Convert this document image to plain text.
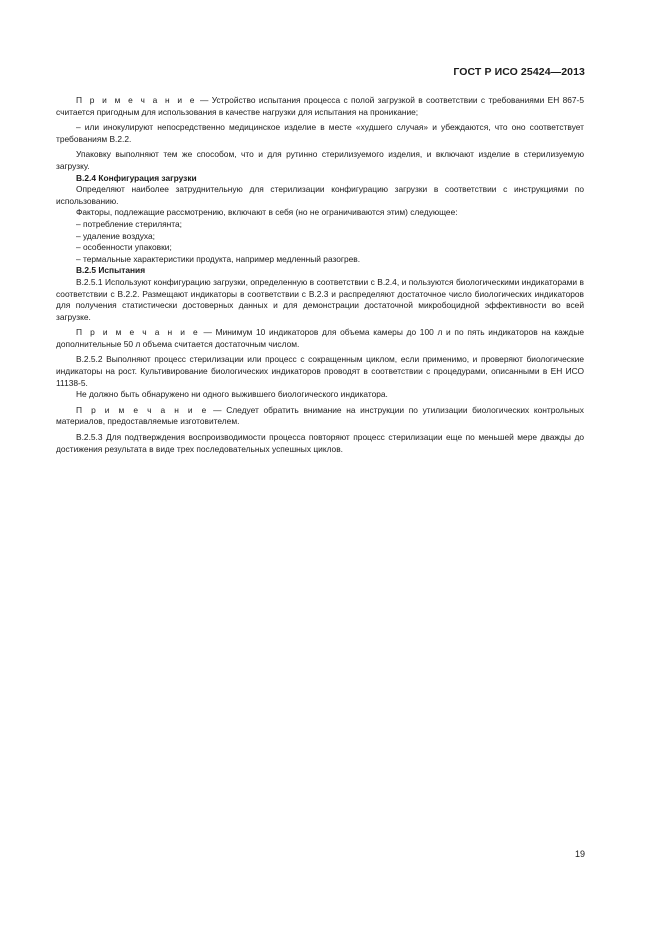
ГОСТ Р ИСО 25424—2013

П р и м е ч а н и е — Устройство испытания процесса с полой загрузкой в соответствии с требованиями ЕН 867-5 считается пригодным для использования в качестве нагрузки для испытания на проникание;

– или инокулируют непосредственно медицинское изделие в месте «худшего случая» и убеждаются, что оно соответствует требованиям В.2.2.

Упаковку выполняют тем же способом, что и для рутинно стерилизуемого изделия, и включают изделие в стерилизуемую загрузку.

В.2.4 Конфигурация загрузки

Определяют наиболее затруднительную для стерилизации конфигурацию загрузки в соответствии с инструкциями по использованию.

Факторы, подлежащие рассмотрению, включают в себя (но не ограничиваются этим) следующее:

– потребление стерилянта;

– удаление воздуха;

– особенности упаковки;

– термальные характеристики продукта, например медленный разогрев.

В.2.5 Испытания

В.2.5.1 Используют конфигурацию загрузки, определенную в соответствии с В.2.4, и пользуются биологическими индикаторами в соответствии с В.2.2. Размещают индикаторы в соответствии с В.2.3 и распределяют достаточное число биологических индикаторов для получения статистически достоверных данных и для демонстрации достаточной микробоцидной эффективности во всей загрузке.

П р и м е ч а н и е — Минимум 10 индикаторов для объема камеры до 100 л и по пять индикаторов на каждые дополнительные 50 л объема считается достаточным числом.

В.2.5.2 Выполняют процесс стерилизации или процесс с сокращенным циклом, если применимо, и проверяют биологические индикаторы на рост. Культивирование биологических индикаторов проводят в соответствии с процедурами, описанными в ЕН ИСО 11138-5.

Не должно быть обнаружено ни одного выжившего биологического индикатора.

П р и м е ч а н и е — Следует обратить внимание на инструкции по утилизации биологических контрольных материалов, предоставляемые изготовителем.

В.2.5.3 Для подтверждения воспроизводимости процесса повторяют процесс стерилизации еще по меньшей мере дважды до достижения результата в виде трех последовательных успешных циклов.

19
